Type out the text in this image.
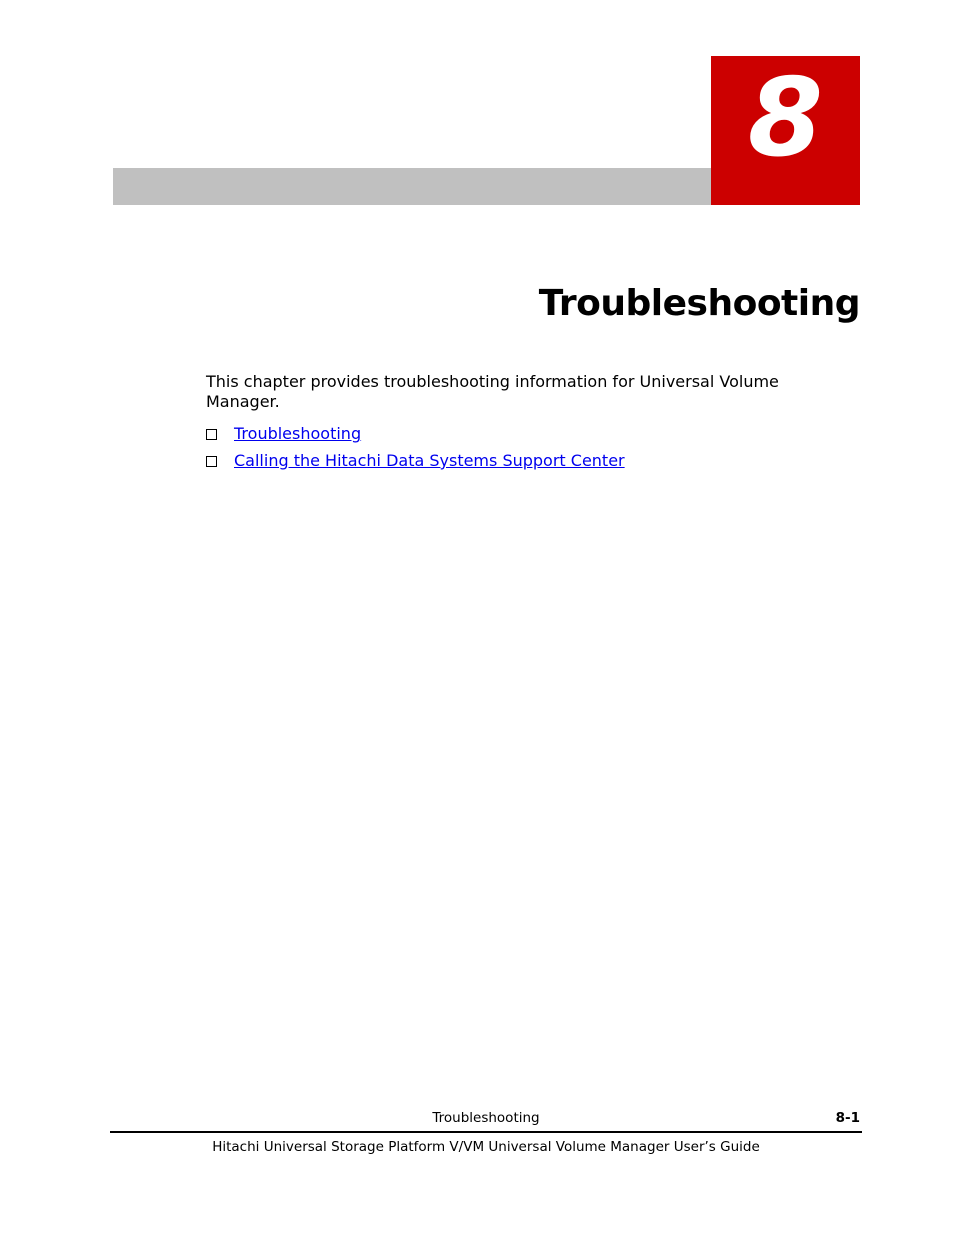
8
Troubleshooting

This chapter provides troubleshooting information for Universal Volume Manager.

Troubleshooting
Calling the Hitachi Data Systems Support Center
Troubleshooting	8-1
Hitachi Universal Storage Platform V/VM Universal Volume Manager User’s Guide
